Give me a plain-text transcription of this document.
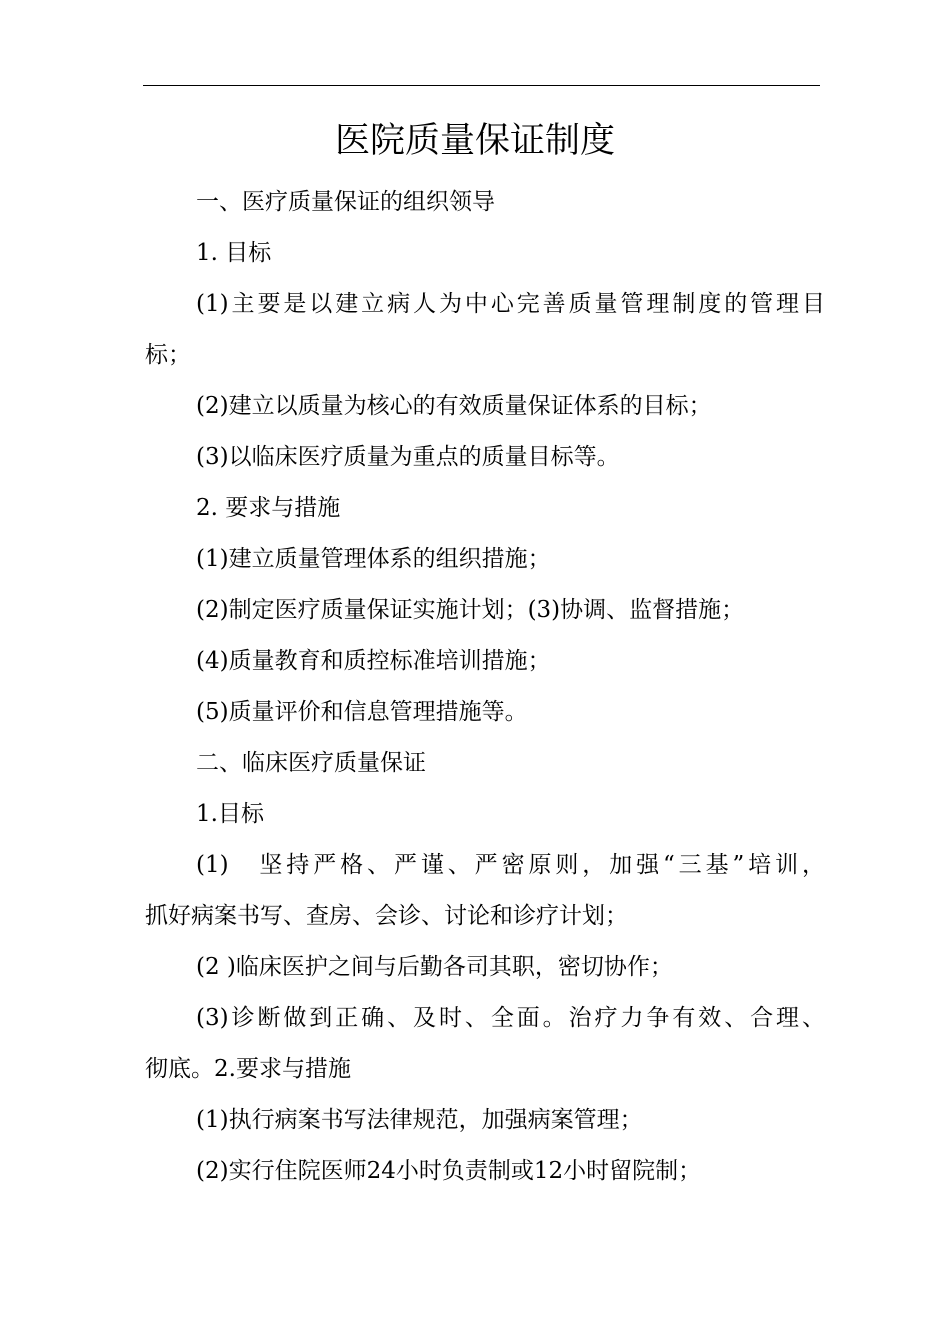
医院质量保证制度
一、医疗质量保证的组织领导
1. 目标
(1)主要是以建立病人为中心完善质量管理制度的管理目
标；
(2)建立以质量为核心的有效质量保证体系的目标；
(3)以临床医疗质量为重点的质量目标等。
2. 要求与措施
(1)建立质量管理体系的组织措施；
(2)制定医疗质量保证实施计划；(3)协调、监督措施；
(4)质量教育和质控标准培训措施；
(5)质量评价和信息管理措施等。
二、临床医疗质量保证
1.目标
(1)　坚持严格、严谨、严密原则，加强“三基”培训，
抓好病案书写、查房、会诊、讨论和诊疗计划；
(2 )临床医护之间与后勤各司其职，密切协作；
(3)诊断做到正确、及时、全面。治疗力争有效、合理、
彻底。2.要求与措施
(1)执行病案书写法律规范，加强病案管理；
(2)实行住院医师24小时负责制或12小时留院制；
